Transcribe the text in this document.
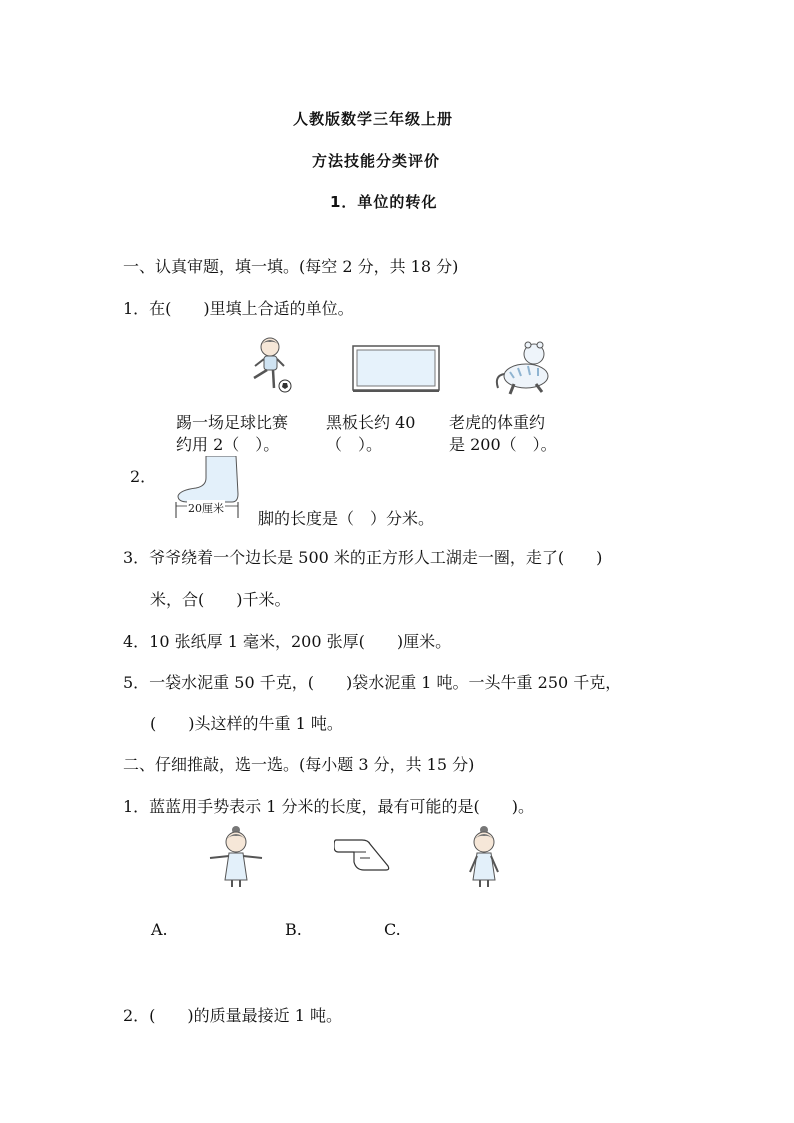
人教版数学三年级上册
方法技能分类评价
1．单位的转化
一、认真审题，填一填。(每空 2 分，共 18 分)
1．在(　　)里填上合适的单位。
踢一场足球比赛
约用 2（　）。
黑板长约 40
（　）。
老虎的体重约
是 200（　）。
2．
20厘米
脚的长度是（　）分米。
3．爷爷绕着一个边长是 500 米的正方形人工湖走一圈，走了(　　)
米，合(　　)千米。
4．10 张纸厚 1 毫米，200 张厚(　　)厘米。
5．一袋水泥重 50 千克，(　　)袋水泥重 1 吨。一头牛重 250 千克，
(　　)头这样的牛重 1 吨。
二、仔细推敲，选一选。(每小题 3 分，共 15 分)
1．蓝蓝用手势表示 1 分米的长度，最有可能的是(　　)。
A.	B.	C.
2．(　　)的质量最接近 1 吨。
